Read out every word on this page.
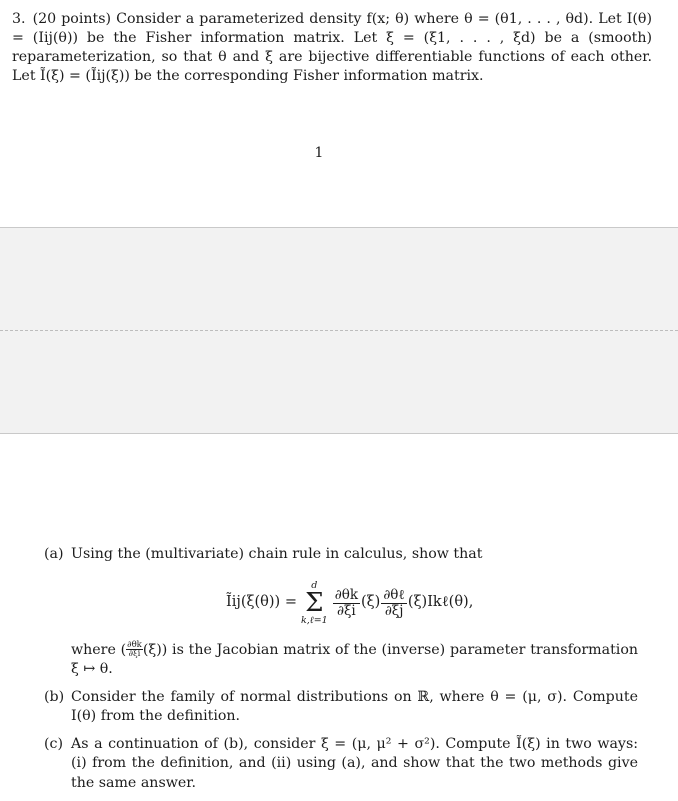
3. (20 points) Consider a parameterized density f(x; θ) where θ = (θ1, . . . , θd). Let I(θ) = (Iij(θ)) be the Fisher information matrix. Let ξ = (ξ1, . . . , ξd) be a (smooth) reparameterization, so that θ and ξ are bijective differentiable functions of each other. Let Ĩ(ξ) = (Ĩij(ξ)) be the corresponding Fisher information matrix.
1
(a) Using the (multivariate) chain rule in calculus, show that
Ĩij(ξ(θ)) =
d
Σ
k,ℓ=1
$\frac{\partial\theta k}{\partial\xi i} (\xi) \frac{\text{∂θℓ}}{\partial\xi j}$ (ξ)Ikℓ(θ),
where ( $\frac{\partial\theta k}{\partial\xi i} (\xi)$) is the Jacobian matrix of the (inverse) parameter transformation ξ ↦ θ.
(b) Consider the family of normal distributions on ℝ, where θ = (μ, σ). Compute I(θ) from the definition.
(c) As a continuation of (b), consider ξ = (μ, μ² + σ²). Compute Ĩ(ξ) in two ways: (i) from the definition, and (ii) using (a), and show that the two methods give the same answer.
